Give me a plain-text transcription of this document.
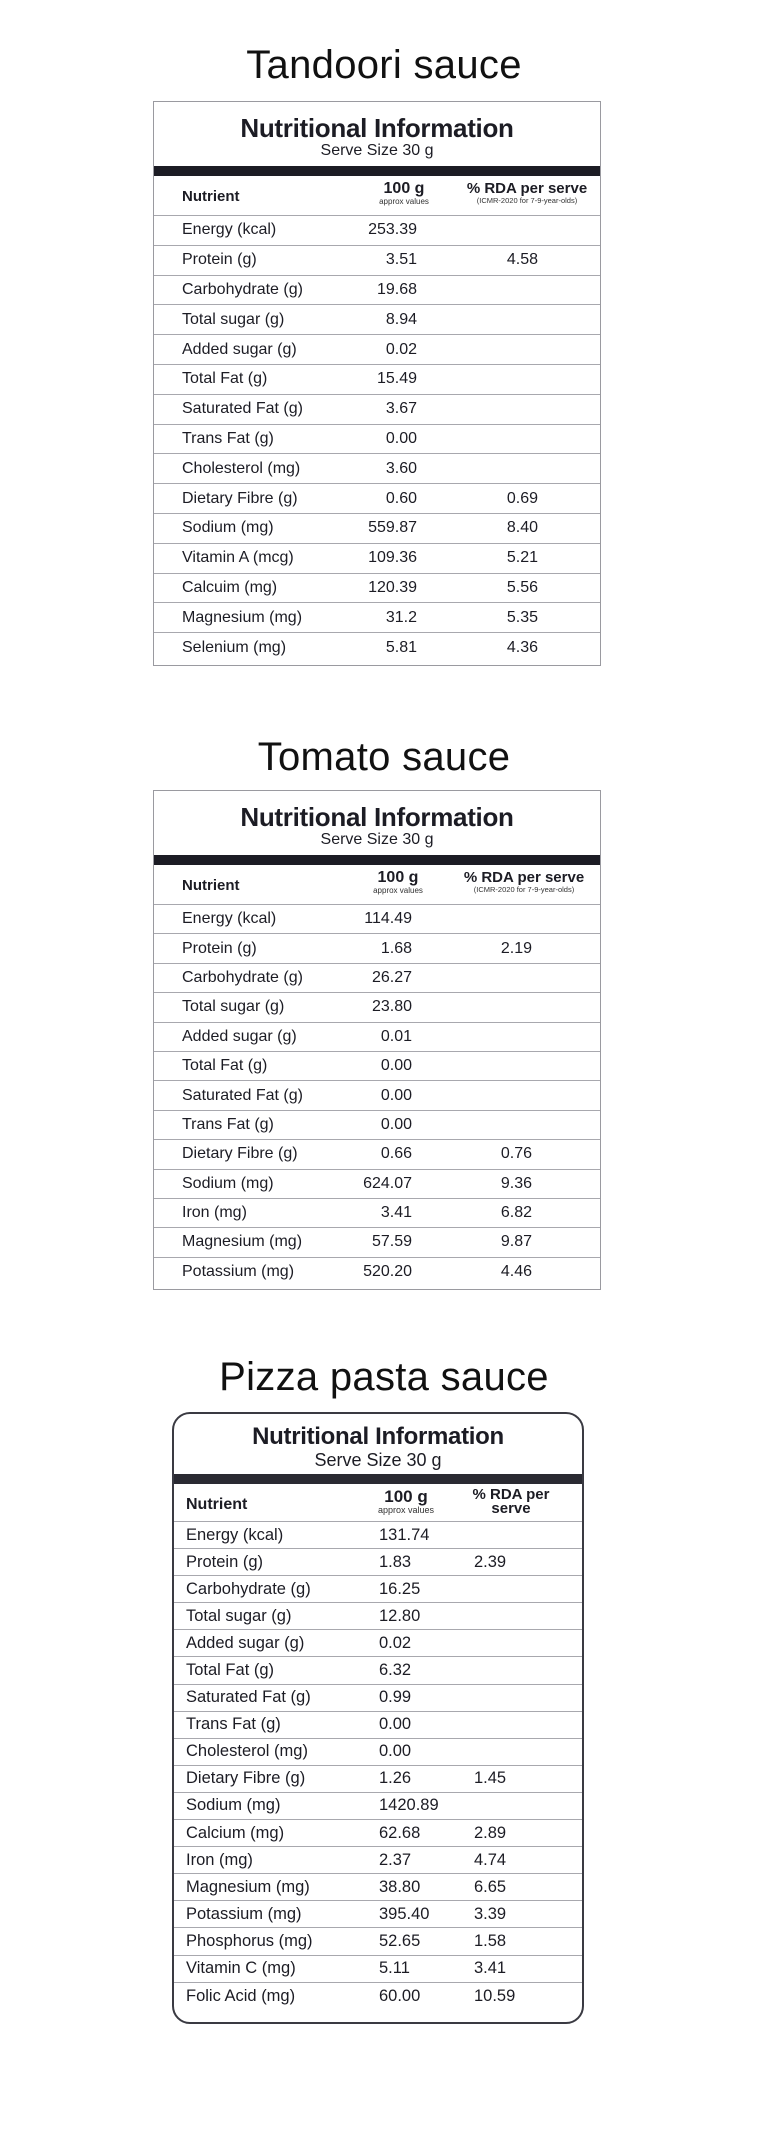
Tandoori sauce
Nutritional Information
Serve Size 30 g
Nutrient	100 g
approx values
% RDA per serve
(ICMR-2020 for 7-9-year-olds)
Energy (kcal)	253.39
Protein (g)	3.51	4.58
Carbohydrate (g)	19.68
Total sugar (g)	8.94
Added sugar (g)	0.02
Total Fat (g)	15.49
Saturated Fat (g)	3.67
Trans Fat (g)	0.00
Cholesterol (mg)	3.60
Dietary Fibre (g)	0.60	0.69
Sodium (mg)	559.87	8.40
Vitamin A (mcg)	109.36	5.21
Calcuim (mg)	120.39	5.56
Magnesium (mg)	31.2	5.35
Selenium (mg)	5.81	4.36
Tomato sauce
Nutritional Information
Serve Size 30 g
Nutrient	100 g
approx values
% RDA per serve
(ICMR-2020 for 7-9-year-olds)
Energy (kcal)	114.49
Protein (g)	1.68	2.19
Carbohydrate (g)	26.27
Total sugar (g)	23.80
Added sugar (g)	0.01
Total Fat (g)	0.00
Saturated Fat (g)	0.00
Trans Fat (g)	0.00
Dietary Fibre (g)	0.66	0.76
Sodium (mg)	624.07	9.36
Iron (mg)	3.41	6.82
Magnesium (mg)	57.59	9.87
Potassium (mg)	520.20	4.46
Pizza pasta sauce
Nutritional Information
Serve Size 30 g
Nutrient	100 g
approx values
% RDA per serve
Energy (kcal)	131.74
Protein (g)	1.83	2.39
Carbohydrate (g)	16.25
Total sugar (g)	12.80
Added sugar (g)	0.02
Total Fat (g)	6.32
Saturated Fat (g)	0.99
Trans Fat (g)	0.00
Cholesterol (mg)	0.00
Dietary Fibre (g)	1.26	1.45
Sodium (mg)	1420.89
Calcium (mg)	62.68	2.89
Iron (mg)	2.37	4.74
Magnesium (mg)	38.80	6.65
Potassium (mg)	395.40	3.39
Phosphorus (mg)	52.65	1.58
Vitamin C (mg)	5.11	3.41
Folic Acid (mg)	60.00	10.59
